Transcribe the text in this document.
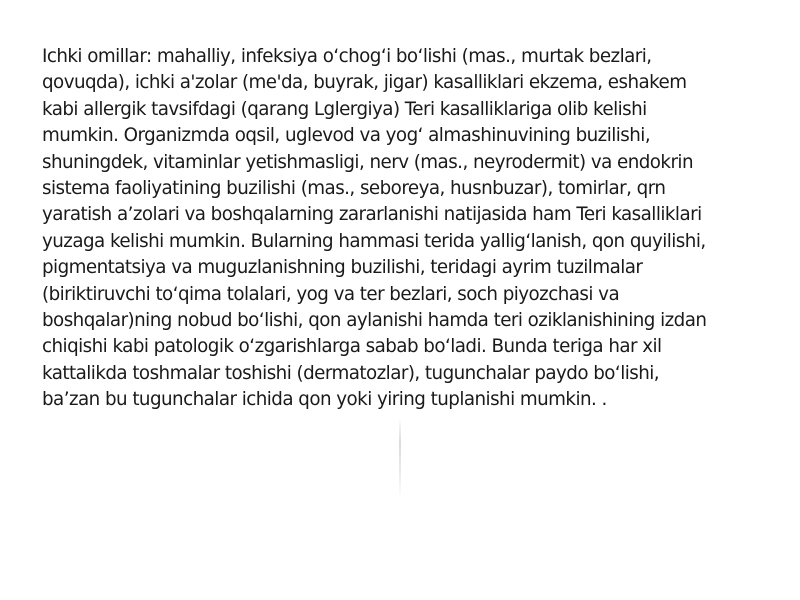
Ichki omillar: mahalliy, infeksiya o‘chog‘i bo‘lishi (mas., murtak bezlari,
qovuqda), ichki a'zolar (me'da, buyrak, jigar) kasalliklari ekzema, eshakem
kabi allergik tavsifdagi (qarang Lglergiya) Teri kasalliklariga olib kelishi
mumkin. Organizmda oqsil, uglevod va yog‘ almashinuvining buzilishi,
shuningdek, vitaminlar yetishmasligi, nerv (mas., neyrodermit) va endokrin
sistema faoliyatining buzilishi (mas., seboreya, husnbuzar), tomirlar, qrn
yaratish a’zolari va boshqalarning zararlanishi natijasida ham Teri kasalliklari
yuzaga kelishi mumkin. Bularning hammasi terida yallig‘lanish, qon quyilishi,
pigmentatsiya va muguzlanishning buzilishi, teridagi ayrim tuzilmalar
(biriktiruvchi to‘qima tolalari, yog va ter bezlari, soch piyozchasi va
boshqalar)ning nobud bo‘lishi, qon aylanishi hamda teri oziklanishining izdan
chiqishi kabi patologik o‘zgarishlarga sabab bo‘ladi. Bunda teriga har xil
kattalikda toshmalar toshishi (dermatozlar), tugunchalar paydo bo‘lishi,
ba’zan bu tugunchalar ichida qon yoki yiring tuplanishi mumkin. .
